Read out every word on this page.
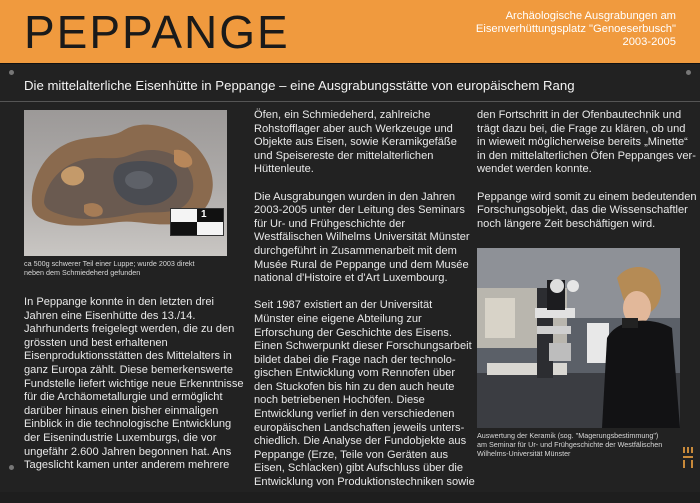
PEPPANGE	Archäologische Ausgrabungen am
Eisenverhüttungsplatz "Genoeserbusch"
2003-2005
Die mittelalterliche Eisenhütte in Peppange – eine Ausgrabungsstätte von europäischem Rang
1
ca 500g schwerer Teil einer Luppe; wurde 2003 direkt
neben dem Schmiedeherd gefunden

In Peppange konnte in den letzten drei
Jahren eine Eisenhütte des 13./14.
Jahrhunderts freigelegt werden, die zu den
grössten und best erhaltenen
Eisenproduktionsstätten des Mittelalters in
ganz Europa zählt. Diese bemerkenswerte
Fundstelle liefert wichtige neue Erkenntnisse
für die Archäometallurgie und ermöglicht
darüber hinaus einen bisher einmaligen
Einblick in die technologische Entwicklung
der Eisenindustrie Luxemburgs, die vor
ungefähr 2.600 Jahren begonnen hat. Ans
Tageslicht kamen unter anderem mehrere

Öfen, ein Schmiedeherd, zahlreiche
Rohstofflager aber auch Werkzeuge und
Objekte aus Eisen, sowie Keramikgefäße
und Speisereste der mittelalterlichen
Hüttenleute.

Die Ausgrabungen wurden in den Jahren
2003-2005 unter der Leitung des Seminars
für Ur- und Frühgeschichte der
Westfälischen Wilhelms Universität Münster
durchgeführt in Zusammenarbeit mit dem
Musée Rural de Peppange und dem Musée
national d'Histoire et d'Art Luxembourg.

Seit 1987 existiert an der Universität
Münster eine eigene Abteilung zur
Erforschung der Geschichte des Eisens.
Einen Schwerpunkt dieser Forschungsarbeit
bildet dabei die Frage nach der technolo-
gischen Entwicklung vom Rennofen über
den Stuckofen bis hin zu den auch heute
noch betriebenen Hochöfen. Diese
Entwicklung verlief in den verschiedenen
europäischen Landschaften jeweils unters-
chiedlich. Die Analyse der Fundobjekte aus
Peppange (Erze, Teile von Geräten aus
Eisen, Schlacken) gibt Aufschluss über die
Entwicklung von Produktionstechniken sowie

den Fortschritt in der Ofenbautechnik und
trägt dazu bei, die Frage zu klären, ob und
in wieweit möglicherweise bereits „Minette“
in den mittelalterlichen Öfen Peppanges ver-
wendet werden konnte.

Peppange wird somit zu einem bedeutenden
Forschungsobjekt, das die Wissenschaftler
noch längere Zeit beschäftigen wird.

Auswertung der Keramik (sog. "Magerungsbestimmung")
am Seminar für Ur- und Frühgeschichte der Westfälischen
Wilhelms-Universität Münster
